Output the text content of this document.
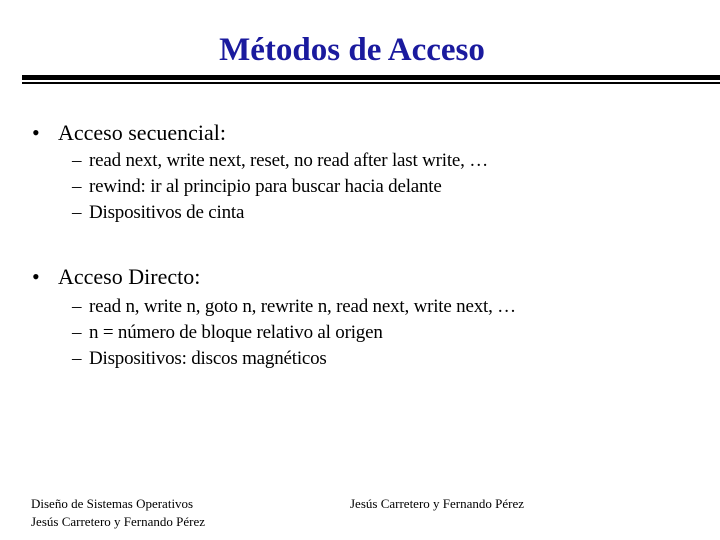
Métodos de Acceso
• Acceso secuencial:
– read next, write next, reset, no read after last write, …
– rewind: ir al principio para buscar hacia delante
– Dispositivos de cinta
• Acceso Directo:
– read n, write n, goto n, rewrite n, read next, write next, …
– n = número de bloque relativo al origen
– Dispositivos: discos magnéticos
Diseño de Sistemas Operativos
Jesús Carretero y Fernando Pérez
Jesús Carretero y Fernando Pérez
